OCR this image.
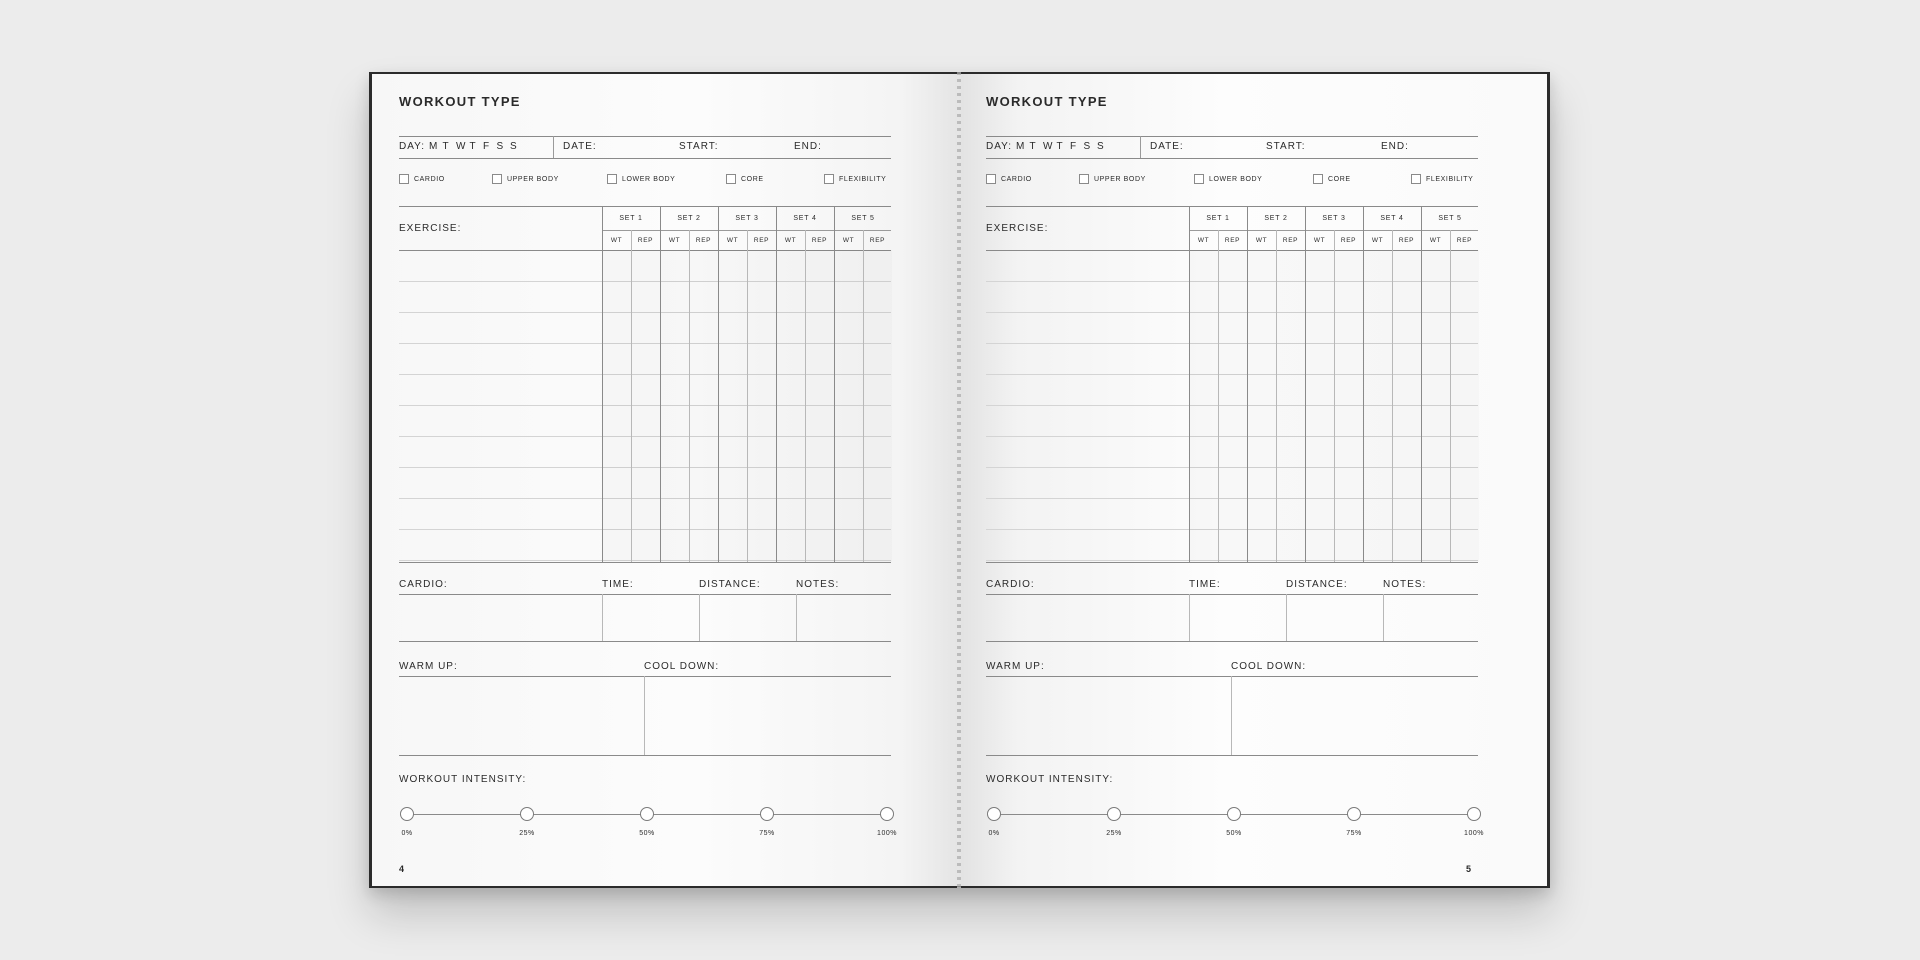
WORKOUT TYPE
DAY: M T W T F S S	DATE:	START:	END:
CARDIO	UPPER BODY	LOWER BODY	CORE	FLEXIBILITY
EXERCISE:
SET 1
WT	REP
SET 2
WT	REP
SET 3
WT	REP
SET 4
WT	REP
SET 5
WT	REP
CARDIO:	TIME:	DISTANCE:	NOTES:
WARM UP:	COOL DOWN:
WORKOUT INTENSITY:
0%	25%	50%	75%	100%
4
WORKOUT TYPE
DAY: M T W T F S S	DATE:	START:	END:
CARDIO	UPPER BODY	LOWER BODY	CORE	FLEXIBILITY
EXERCISE:
SET 1
WT	REP
SET 2
WT	REP
SET 3
WT	REP
SET 4
WT	REP
SET 5
WT	REP
CARDIO:	TIME:	DISTANCE:	NOTES:
WARM UP:	COOL DOWN:
WORKOUT INTENSITY:
0%	25%	50%	75%	100%
5
